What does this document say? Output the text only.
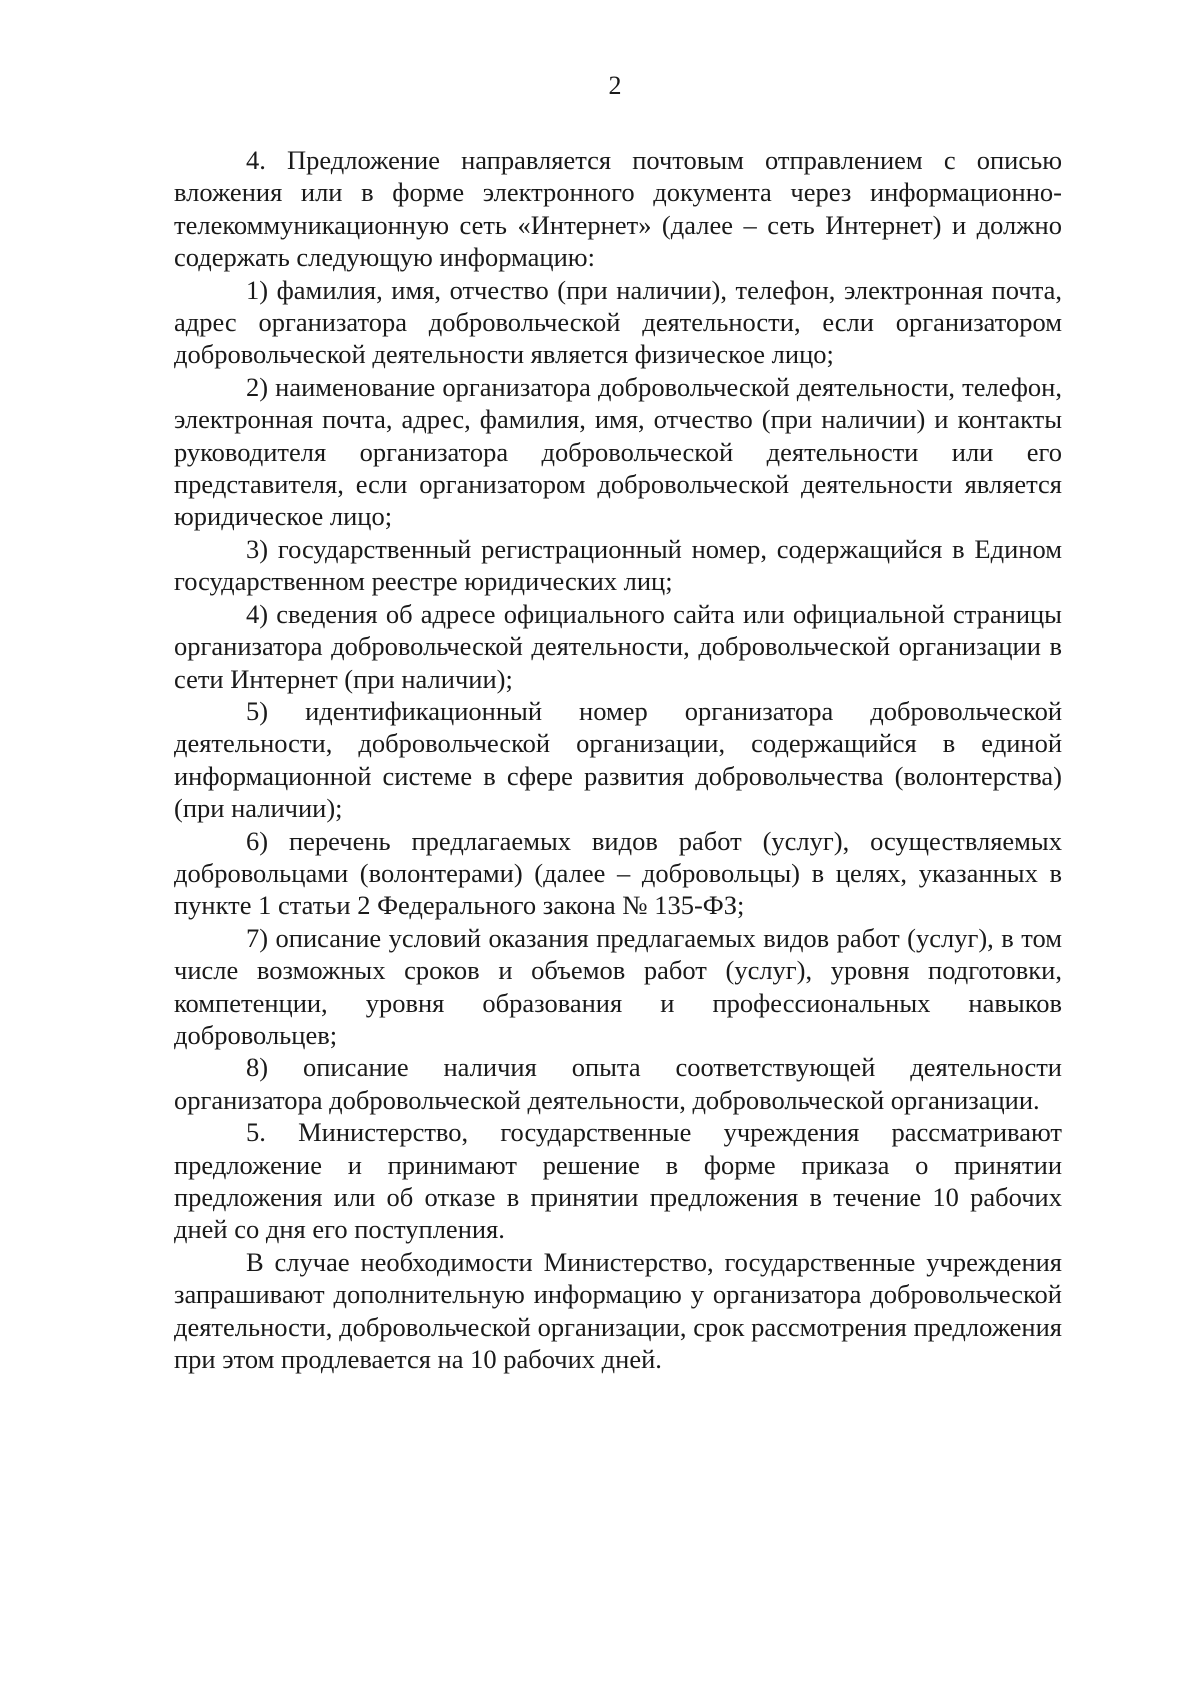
2

4. Предложение направляется почтовым отправлением с описью вложения или в форме электронного документа через информационно-телекоммуникационную сеть «Интернет» (далее – сеть Интернет) и должно содержать следующую информацию:

1) фамилия, имя, отчество (при наличии), телефон, электронная почта, адрес организатора добровольческой деятельности, если организатором добровольческой деятельности является физическое лицо;

2) наименование организатора добровольческой деятельности, телефон, электронная почта, адрес, фамилия, имя, отчество (при наличии) и контакты руководителя организатора добровольческой деятельности или его представителя, если организатором добровольческой деятельности является юридическое лицо;

3) государственный регистрационный номер, содержащийся в Едином государственном реестре юридических лиц;

4) сведения об адресе официального сайта или официальной страницы организатора добровольческой деятельности, добровольческой организации в сети Интернет (при наличии);

5) идентификационный номер организатора добровольческой деятельности, добровольческой организации, содержащийся в единой информационной системе в сфере развития добровольчества (волонтерства) (при наличии);

6) перечень предлагаемых видов работ (услуг), осуществляемых добровольцами (волонтерами) (далее – добровольцы) в целях, указанных в пункте 1 статьи 2 Федерального закона № 135-ФЗ;

7) описание условий оказания предлагаемых видов работ (услуг), в том числе возможных сроков и объемов работ (услуг), уровня подготовки, компетенции, уровня образования и профессиональных навыков добровольцев;

8) описание наличия опыта соответствующей деятельности организатора добровольческой деятельности, добровольческой организации.

5. Министерство, государственные учреждения рассматривают предложение и принимают решение в форме приказа о принятии предложения или об отказе в принятии предложения в течение 10 рабочих дней со дня его поступления.

В случае необходимости Министерство, государственные учреждения запрашивают дополнительную информацию у организатора добровольческой деятельности, добровольческой организации, срок рассмотрения предложения при этом продлевается на 10 рабочих дней.
